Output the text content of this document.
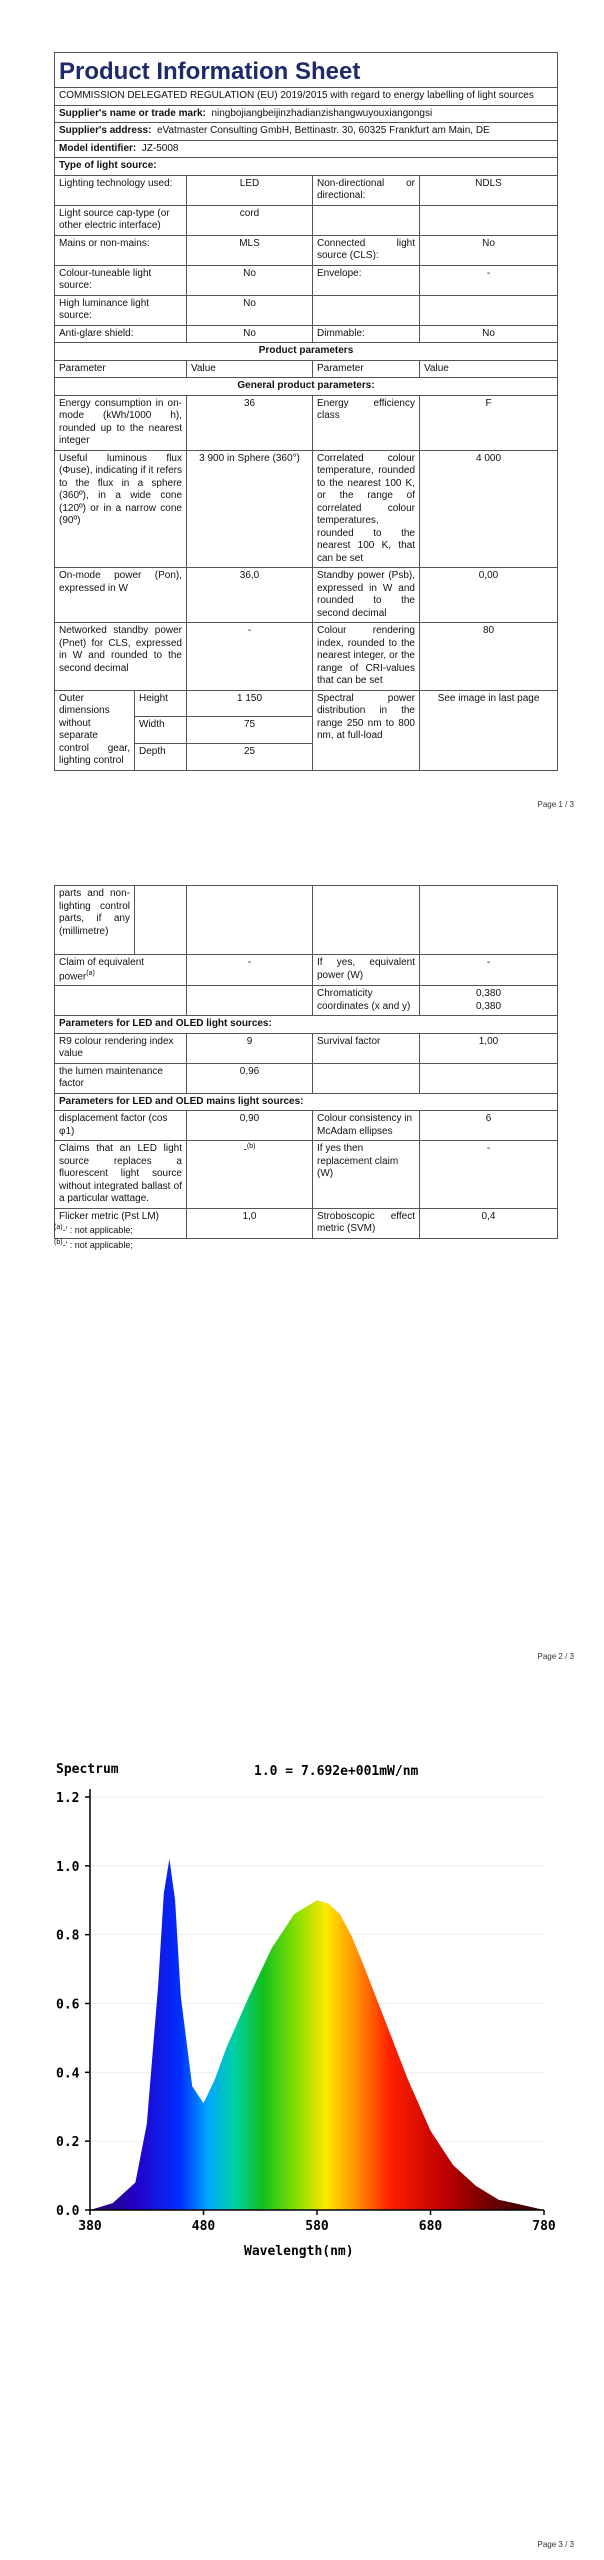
Product Information Sheet				
COMMISSION DELEGATED REGULATION (EU) 2019/2015 with regard to energy labelling of light sources				
Supplier's name or trade mark: ningbojiangbeijinzhadianzishangwuyouxiangongsi				
Supplier's address: eVatmaster Consulting GmbH, Bettinastr. 30, 60325 Frankfurt am Main, DE				
Model identifier: JZ-5008				
Type of light source:				
Lighting technology used:		LED	Non-directional or directional:	NDLS
Light source cap-type (or other electric interface)		cord		
Mains or non-mains:		MLS	Connected light source (CLS):	No
Colour-tuneable light source:		No	Envelope:	-
High luminance light source:		No		
Anti-glare shield:		No	Dimmable:	No
Product parameters				
Parameter		Value	Parameter	Value
General product parameters:				
Energy consumption in on-mode (kWh/1000 h), rounded up to the nearest integer		36	Energy efficiency class	F
Useful luminous flux (Φuse), indicating if it refers to the flux in a sphere (360º), in a wide cone (120º) or in a narrow cone (90º)		3 900 in Sphere (360°)	Correlated colour temperature, rounded to the nearest 100 K, or the range of correlated colour temperatures, rounded to the nearest 100 K, that can be set	4 000
On-mode power (Pon), expressed in W		36,0	Standby power (Psb), expressed in W and rounded to the second decimal	0,00
Networked standby power (Pnet) for CLS, expressed in W and rounded to the second decimal		-	Colour rendering index, rounded to the nearest integer, or the range of CRI-values that can be set	80
Outer dimensions without separate control gear, lighting control	Height	1 150	Spectral power distribution in the range 250 nm to 800 nm, at full-load	See image in last page
	Width	75		
	Depth	25		
Page 1 / 3
parts and non-lighting control parts, if any (millimetre)				
Claim of equivalent power$^{(a)}$		-	If yes, equivalent power (W)	-
			Chromaticity coordinates (x and y)	0,380
0,380

Parameters for LED and OLED light sources:				
R9 colour rendering index value		9	Survival factor	1,00
the lumen maintenance factor		0,96		
Parameters for LED and OLED mains light sources:				
displacement factor (cos φ1)		0,90	Colour consistency in McAdam ellipses	6
Claims that an LED light source replaces a fluorescent light source without integrated ballast of a particular wattage.		-$^{(b)}$	If yes then replacement claim (W)	-
Flicker metric (Pst LM)		1,0	Stroboscopic effect metric (SVM)	0,4
$^{(a)}$-' : not applicable;
$^{(b)}$-' : not applicable;
Page 2 / 3
0.0
0.2
0.4
0.6
0.8
1.0
1.2
380	480	580	680	780
Spectrum	1.0 = 7.692e+001mW/nm
Wavelength(nm)
Page 3 / 3
